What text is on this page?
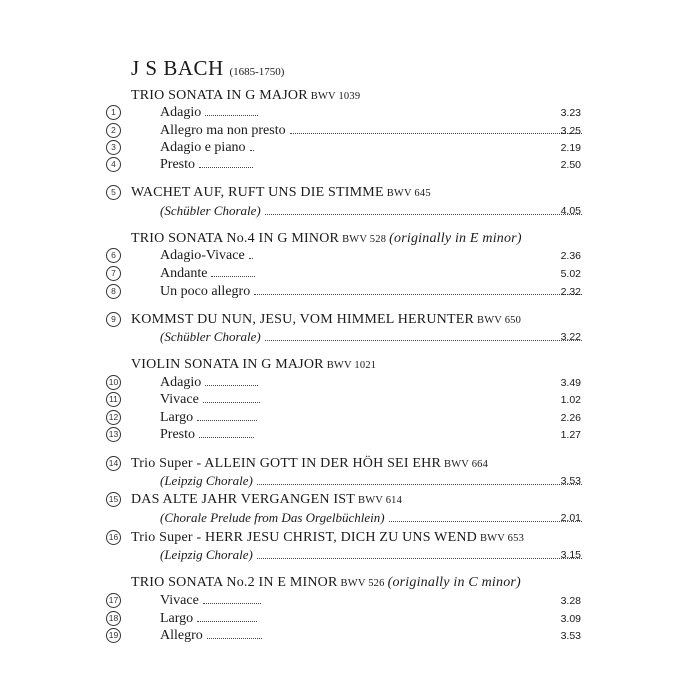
J S BACH (1685-1750)
TRIO SONATA IN G MAJOR BWV 1039
1	Adagio	3.23
2	Allegro ma non presto	3.25
3	Adagio e piano	2.19
4	Presto	2.50
5	WACHET AUF, RUFT UNS DIE STIMME BWV 645
(Schübler Chorale)	4.05
TRIO SONATA No.4 IN G MINOR BWV 528 (originally in E minor)
6	Adagio-Vivace	2.36
7	Andante	5.02
8	Un poco allegro	2.32
9	KOMMST DU NUN, JESU, VOM HIMMEL HERUNTER BWV 650
(Schübler Chorale)	3.22
VIOLIN SONATA IN G MAJOR BWV 1021
10	Adagio	3.49
11	Vivace	1.02
12	Largo	2.26
13	Presto	1.27
14 Trio Super - ALLEIN GOTT IN DER HÖH SEI EHR BWV 664
(Leipzig Chorale)	3.53
15 DAS ALTE JAHR VERGANGEN IST BWV 614
(Chorale Prelude from Das Orgelbüchlein)	2.01
16 Trio Super - HERR JESU CHRIST, DICH ZU UNS WEND BWV 653
(Leipzig Chorale)	3.15
TRIO SONATA No.2 IN E MINOR BWV 526 (originally in C minor)
17	Vivace	3.28
18	Largo	3.09
19	Allegro	3.53
